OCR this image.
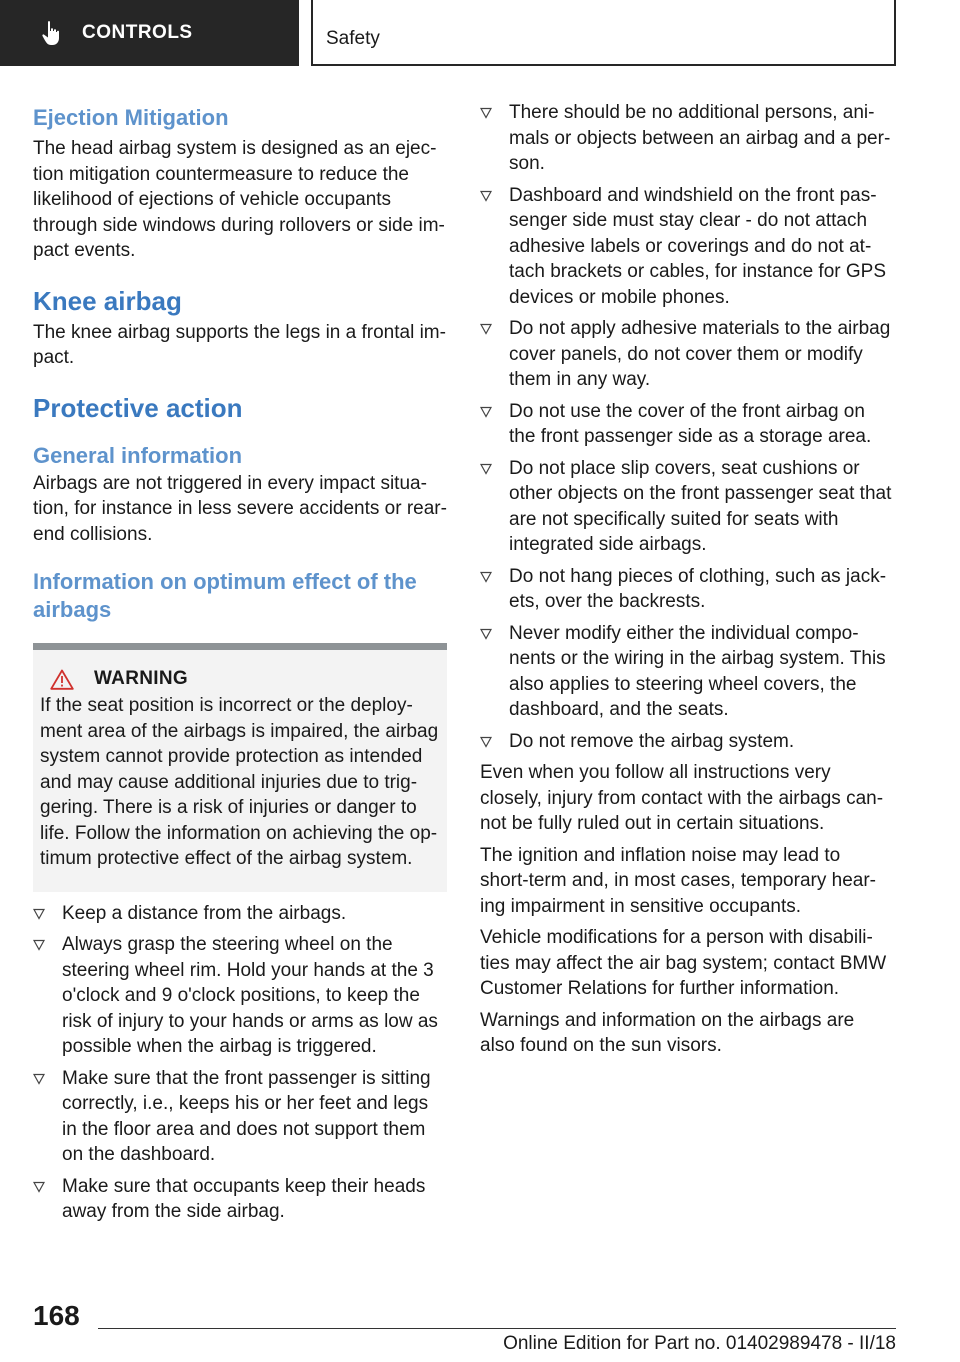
CONTROLS	Safety
Ejection Mitigation

The head airbag system is designed as an ejec-tion mitigation countermeasure to reduce the likelihood of ejections of vehicle occupants through side windows during rollovers or side im-pact events.

Knee airbag

The knee airbag supports the legs in a frontal im-pact.

Protective action
General information

Airbags are not triggered in every impact situa-tion, for instance in less severe accidents or rear-end collisions.

Information on optimum effect of the airbags
WARNING

If the seat position is incorrect or the deploy-ment area of the airbags is impaired, the airbag system cannot provide protection as intended and may cause additional injuries due to trig-gering. There is a risk of injuries or danger to life. Follow the information on achieving the op-timum protective effect of the airbag system.

Keep a distance from the airbags.
Always grasp the steering wheel on the steering wheel rim. Hold your hands at the 3 o'clock and 9 o'clock positions, to keep the risk of injury to your hands or arms as low as possible when the airbag is triggered.
Make sure that the front passenger is sitting correctly, i.e., keeps his or her feet and legs in the floor area and does not support them on the dashboard.
Make sure that occupants keep their heads away from the side airbag.
There should be no additional persons, ani-mals or objects between an airbag and a per-son.
Dashboard and windshield on the front pas-senger side must stay clear - do not attach adhesive labels or coverings and do not at-tach brackets or cables, for instance for GPS devices or mobile phones.
Do not apply adhesive materials to the airbag cover panels, do not cover them or modify them in any way.
Do not use the cover of the front airbag on the front passenger side as a storage area.
Do not place slip covers, seat cushions or other objects on the front passenger seat that are not specifically suited for seats with integrated side airbags.
Do not hang pieces of clothing, such as jack-ets, over the backrests.
Never modify either the individual compo-nents or the wiring in the airbag system. This also applies to steering wheel covers, the dashboard, and the seats.
Do not remove the airbag system.

Even when you follow all instructions very closely, injury from contact with the airbags can-not be fully ruled out in certain situations.

The ignition and inflation noise may lead to short-term and, in most cases, temporary hear-ing impairment in sensitive occupants.

Vehicle modifications for a person with disabili-ties may affect the air bag system; contact BMW Customer Relations for further information.

Warnings and information on the airbags are also found on the sun visors.

168
Online Edition for Part no. 01402989478 - II/18
